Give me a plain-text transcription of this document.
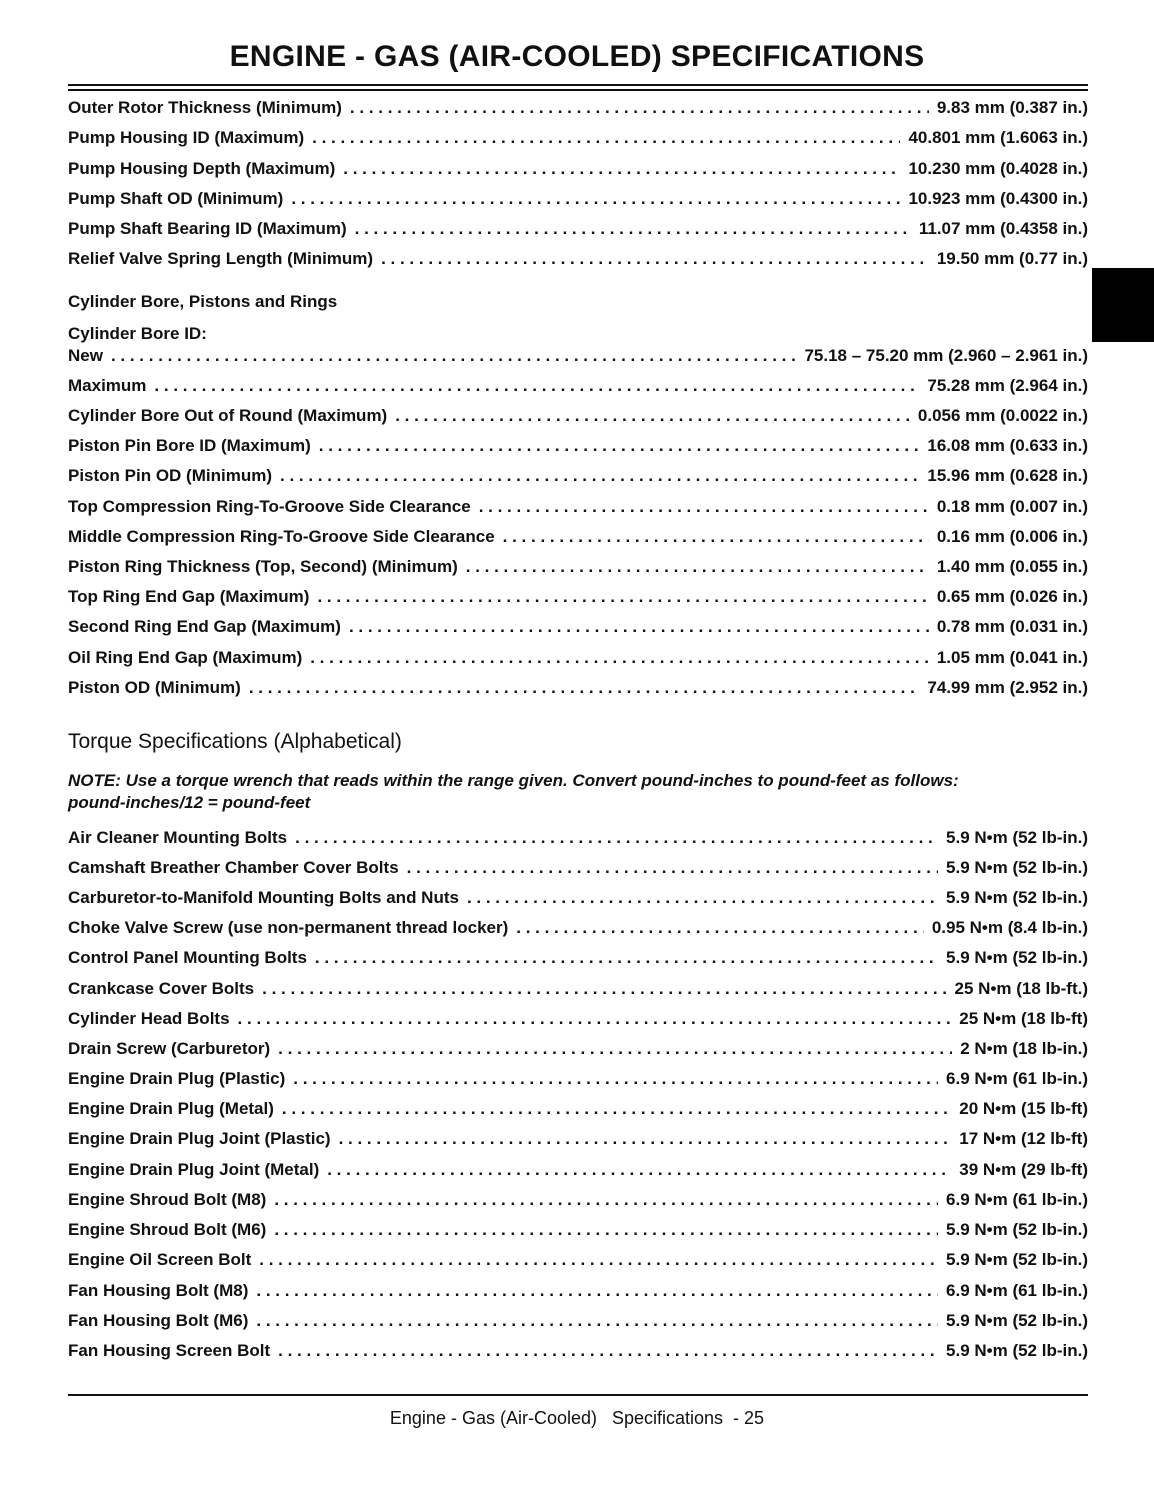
ENGINE - GAS (AIR-COOLED) SPECIFICATIONS
Outer Rotor Thickness (Minimum) . . .	9.83 mm (0.387 in.)
Pump Housing ID (Maximum) . . .	40.801 mm (1.6063 in.)
Pump Housing Depth (Maximum) . . .	10.230 mm (0.4028 in.)
Pump Shaft OD (Minimum) . . .	10.923 mm (0.4300 in.)
Pump Shaft Bearing ID (Maximum) . . .	11.07 mm (0.4358 in.)
Relief Valve Spring Length (Minimum) . . .	19.50 mm (0.77 in.)
Cylinder Bore, Pistons and Rings
Cylinder Bore ID:
New . . .	75.18 – 75.20 mm (2.960 – 2.961 in.)
Maximum . . .	75.28 mm (2.964 in.)
Cylinder Bore Out of Round (Maximum) . . .	0.056 mm (0.0022 in.)
Piston Pin Bore ID (Maximum) . . .	16.08 mm (0.633 in.)
Piston Pin OD (Minimum) . . .	15.96 mm (0.628 in.)
Top Compression Ring-To-Groove Side Clearance . . .	0.18 mm (0.007 in.)
Middle Compression Ring-To-Groove Side Clearance . . .	0.16 mm (0.006 in.)
Piston Ring Thickness (Top, Second) (Minimum) . . .	1.40 mm (0.055 in.)
Top Ring End Gap (Maximum) . . .	0.65 mm (0.026 in.)
Second Ring End Gap (Maximum) . . .	0.78 mm (0.031 in.)
Oil Ring End Gap (Maximum) . . .	1.05 mm (0.041 in.)
Piston OD (Minimum) . . .	74.99 mm (2.952 in.)
Torque Specifications (Alphabetical)
NOTE: Use a torque wrench that reads within the range given. Convert pound-inches to pound-feet as follows:
pound-inches/12 = pound-feet
Air Cleaner Mounting Bolts . . .	5.9 N•m (52 lb-in.)
Camshaft Breather Chamber Cover Bolts . . .	5.9 N•m (52 lb-in.)
Carburetor-to-Manifold Mounting Bolts and Nuts . . .	5.9 N•m (52 lb-in.)
Choke Valve Screw (use non-permanent thread locker) . . .	0.95 N•m (8.4 lb-in.)
Control Panel Mounting Bolts . . .	5.9 N•m (52 lb-in.)
Crankcase Cover Bolts . . .	25 N•m (18 lb-ft.)
Cylinder Head Bolts . . .	25 N•m (18 lb-ft)
Drain Screw (Carburetor) . . .	2 N•m (18 lb-in.)
Engine Drain Plug (Plastic) . . .	6.9 N•m (61 lb-in.)
Engine Drain Plug (Metal) . . .	20 N•m (15 lb-ft)
Engine Drain Plug Joint (Plastic) . . .	17 N•m (12 lb-ft)
Engine Drain Plug Joint (Metal) . . .	39 N•m (29 lb-ft)
Engine Shroud Bolt (M8) . . .	6.9 N•m (61 lb-in.)
Engine Shroud Bolt (M6) . . .	5.9 N•m (52 lb-in.)
Engine Oil Screen Bolt . . .	5.9 N•m (52 lb-in.)
Fan Housing Bolt (M8) . . .	6.9 N•m (61 lb-in.)
Fan Housing Bolt (M6) . . .	5.9 N•m (52 lb-in.)
Fan Housing Screen Bolt . . .	5.9 N•m (52 lb-in.)
Engine - Gas (Air-Cooled)   Specifications  - 25
